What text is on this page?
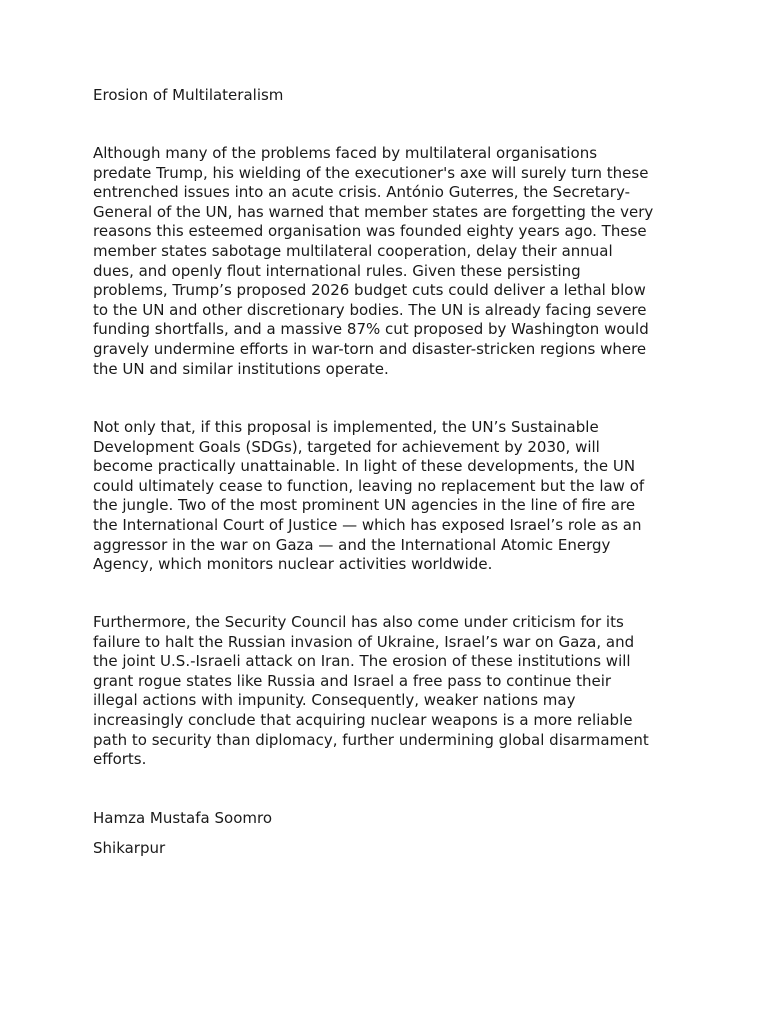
Erosion of Multilateralism
Although many of the problems faced by multilateral organisations
predate Trump, his wielding of the executioner's axe will surely turn these
entrenched issues into an acute crisis. António Guterres, the Secretary-
General of the UN, has warned that member states are forgetting the very
reasons this esteemed organisation was founded eighty years ago. These
member states sabotage multilateral cooperation, delay their annual
dues, and openly flout international rules. Given these persisting
problems, Trump’s proposed 2026 budget cuts could deliver a lethal blow
to the UN and other discretionary bodies. The UN is already facing severe
funding shortfalls, and a massive 87% cut proposed by Washington would
gravely undermine efforts in war-torn and disaster-stricken regions where
the UN and similar institutions operate.
Not only that, if this proposal is implemented, the UN’s Sustainable
Development Goals (SDGs), targeted for achievement by 2030, will
become practically unattainable. In light of these developments, the UN
could ultimately cease to function, leaving no replacement but the law of
the jungle. Two of the most prominent UN agencies in the line of fire are
the International Court of Justice — which has exposed Israel’s role as an
aggressor in the war on Gaza — and the International Atomic Energy
Agency, which monitors nuclear activities worldwide.
Furthermore, the Security Council has also come under criticism for its
failure to halt the Russian invasion of Ukraine, Israel’s war on Gaza, and
the joint U.S.-Israeli attack on Iran. The erosion of these institutions will
grant rogue states like Russia and Israel a free pass to continue their
illegal actions with impunity. Consequently, weaker nations may
increasingly conclude that acquiring nuclear weapons is a more reliable
path to security than diplomacy, further undermining global disarmament
efforts.

Hamza Mustafa Soomro

Shikarpur
